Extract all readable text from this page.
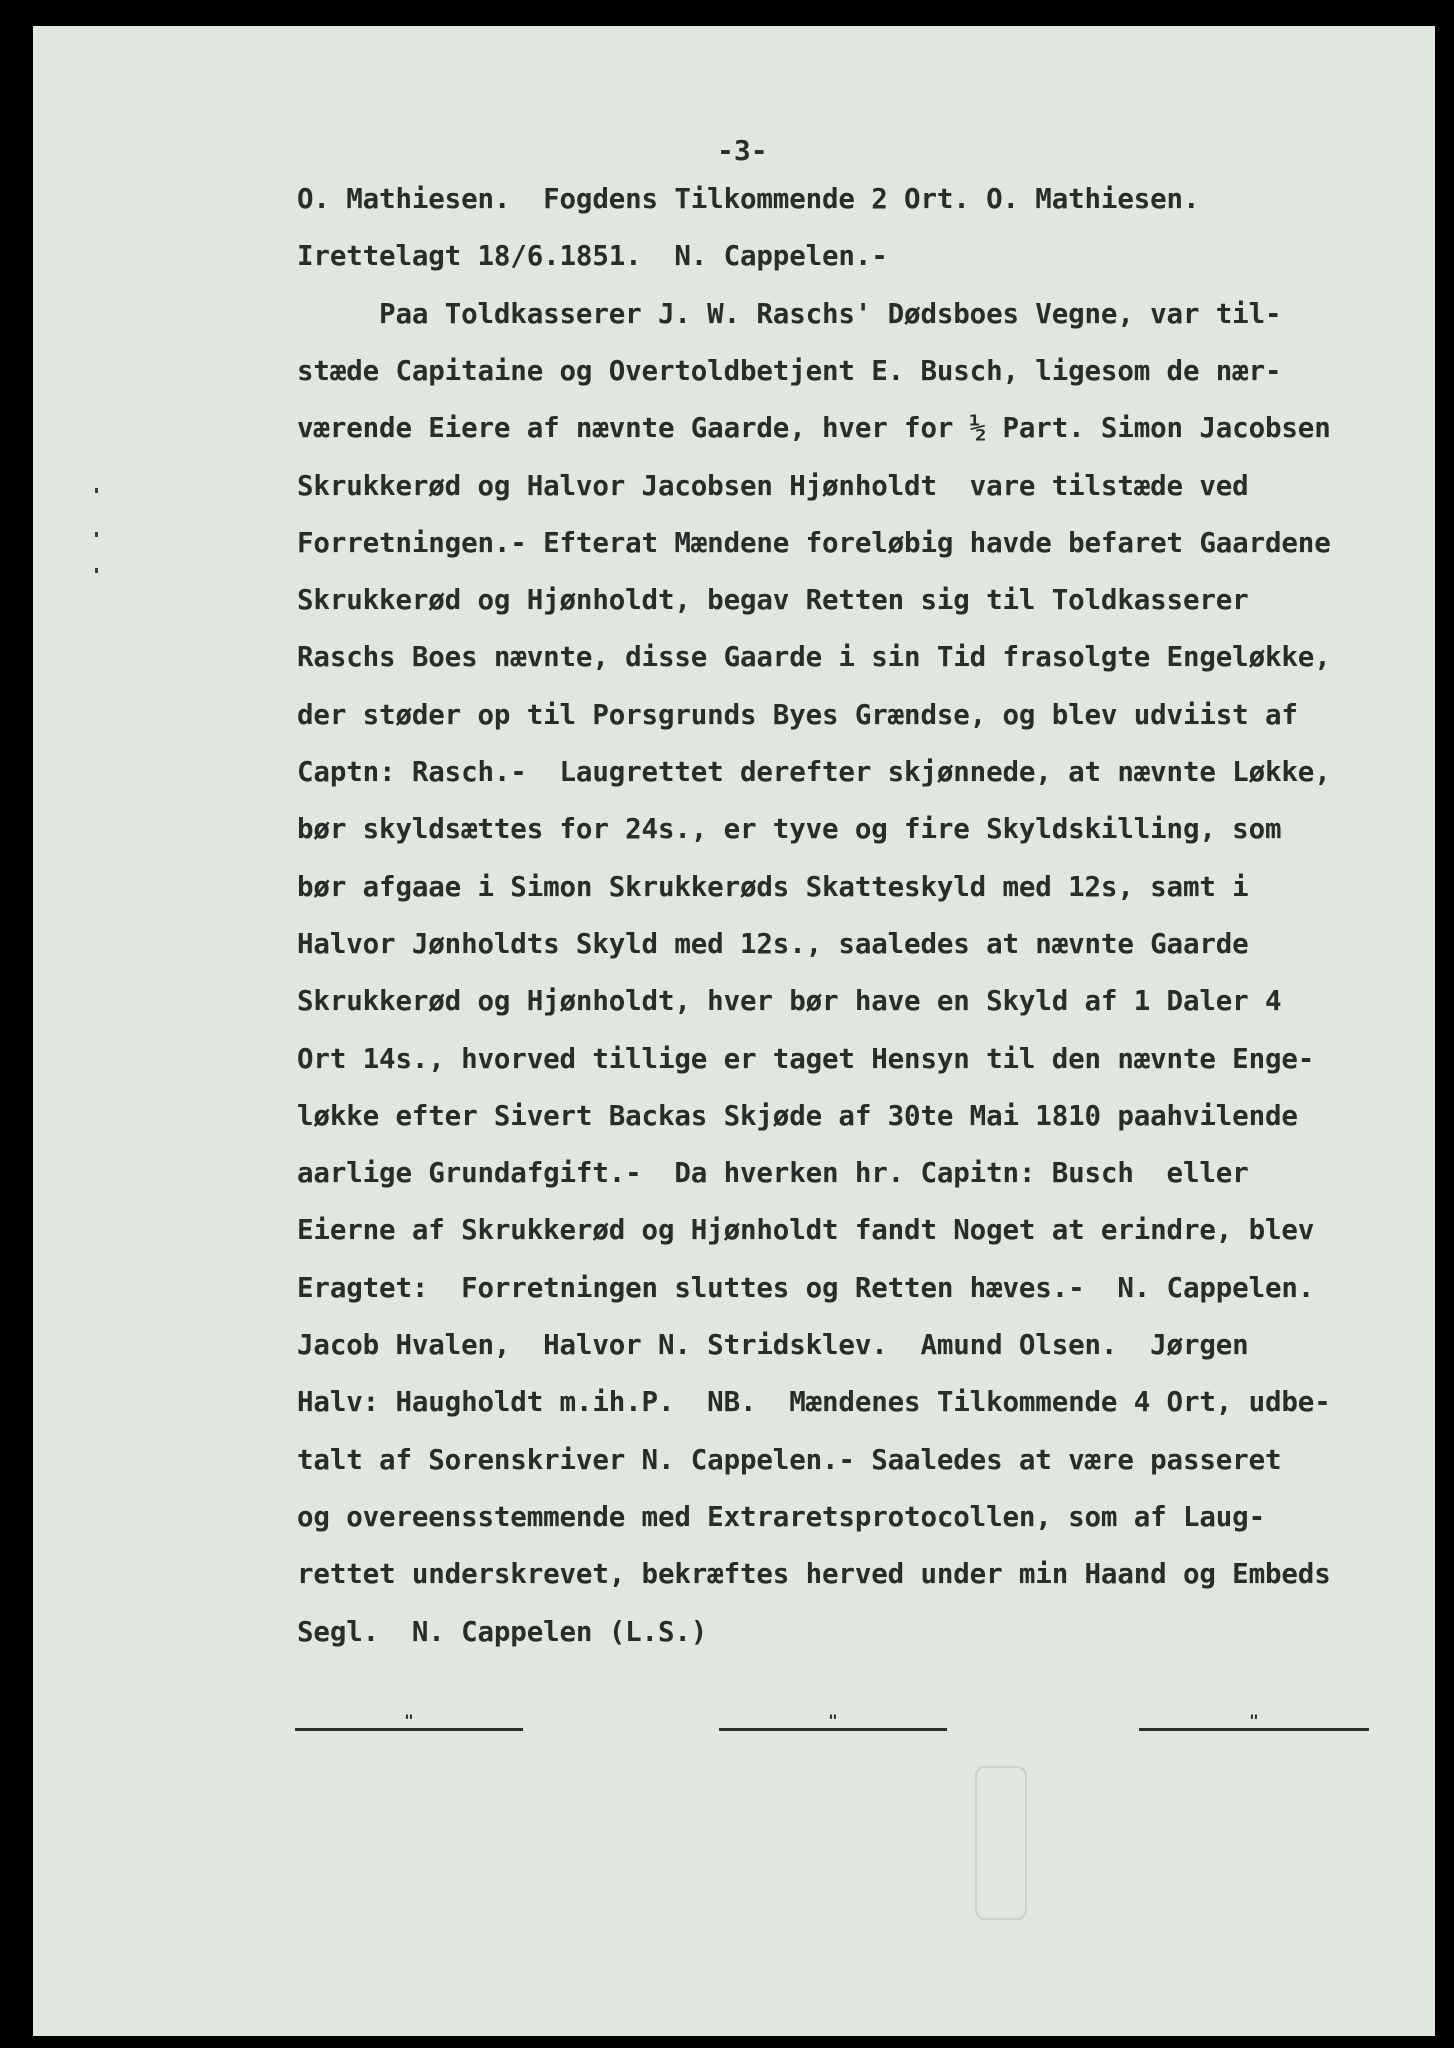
-3-
O. Mathiesen.  Fogdens Tilkommende 2 Ort. O. Mathiesen.
Irettelagt 18/6.1851.  N. Cappelen.-
Paa Toldkasserer J. W. Raschs' Dødsboes Vegne, var til-
stæde Capitaine og Overtoldbetjent E. Busch, ligesom de nær-
værende Eiere af nævnte Gaarde, hver for ½ Part. Simon Jacobsen
Skrukkerød og Halvor Jacobsen Hjønholdt  vare tilstæde ved
Forretningen.- Efterat Mændene foreløbig havde befaret Gaardene
Skrukkerød og Hjønholdt, begav Retten sig til Toldkasserer
Raschs Boes nævnte, disse Gaarde i sin Tid frasolgte Engeløkke,
der støder op til Porsgrunds Byes Grændse, og blev udviist af
Captn: Rasch.-  Laugrettet derefter skjønnede, at nævnte Løkke,
bør skyldsættes for 24s., er tyve og fire Skyldskilling, som
bør afgaae i Simon Skrukkerøds Skatteskyld med 12s, samt i
Halvor Jønholdts Skyld med 12s., saaledes at nævnte Gaarde
Skrukkerød og Hjønholdt, hver bør have en Skyld af 1 Daler 4
Ort 14s., hvorved tillige er taget Hensyn til den nævnte Enge-
løkke efter Sivert Backas Skjøde af 30te Mai 1810 paahvilende
aarlige Grundafgift.-  Da hverken hr. Capitn: Busch  eller
Eierne af Skrukkerød og Hjønholdt fandt Noget at erindre, blev
Eragtet:  Forretningen sluttes og Retten hæves.-  N. Cappelen.
Jacob Hvalen,  Halvor N. Stridsklev.  Amund Olsen.  Jørgen
Halv: Haugholdt m.ih.P.  NB.  Mændenes Tilkommende 4 Ort, udbe-
talt af Sorenskriver N. Cappelen.- Saaledes at være passeret
og overeensstemmende med Extraretsprotocollen, som af Laug-
rettet underskrevet, bekræftes herved under min Haand og Embeds
Segl.  N. Cappelen (L.S.)
"	"	"
